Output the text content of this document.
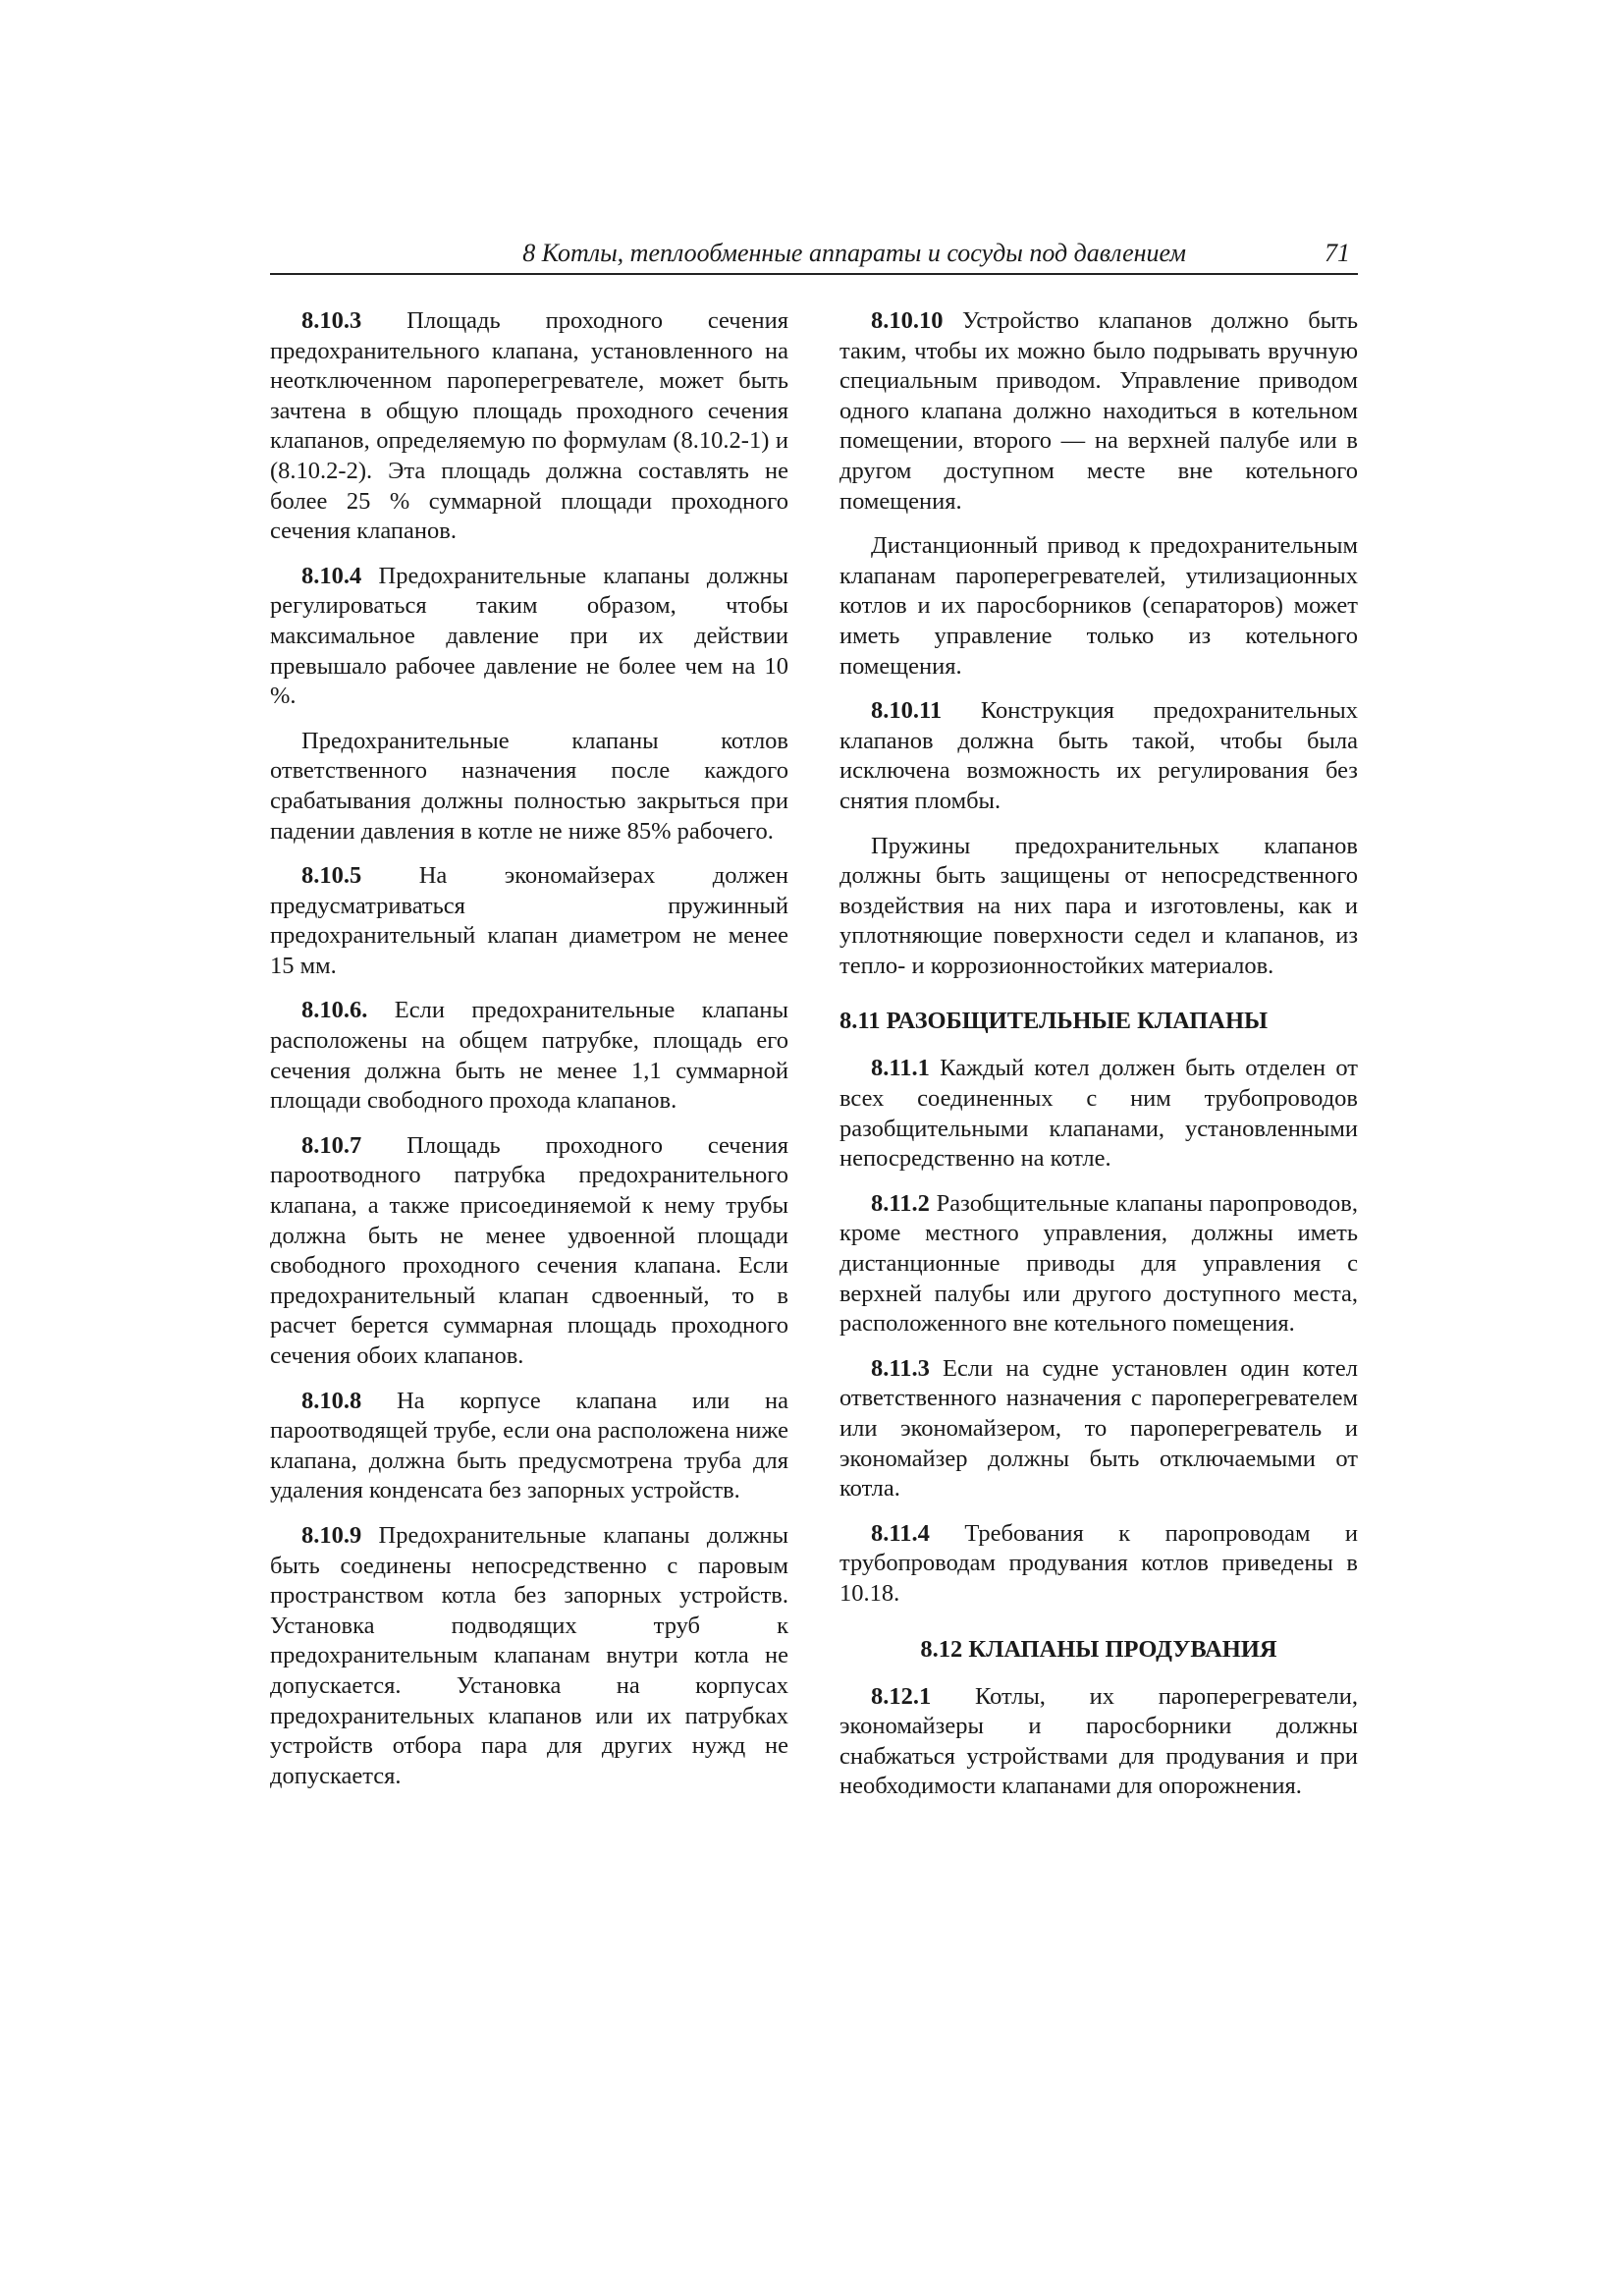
8 Котлы, теплообменные аппараты и сосуды под давлением	71

8.10.3 Площадь проходного сечения предохранительного клапана, установленного на неотключенном пароперегревателе, может быть зачтена в общую площадь проходного сечения клапанов, определяемую по формулам (8.10.2-1) и (8.10.2-2). Эта площадь должна составлять не более 25 % суммарной площади проходного сечения клапанов.

8.10.4 Предохранительные клапаны должны регулироваться таким образом, чтобы максимальное давление при их действии превышало рабочее давление не более чем на 10 %.

Предохранительные клапаны котлов ответственного назначения после каждого срабатывания должны полностью закрыться при падении давления в котле не ниже 85% рабочего.

8.10.5 На экономайзерах должен предусматриваться пружинный предохранительный клапан диаметром не менее 15 мм.

8.10.6. Если предохранительные клапаны расположены на общем патрубке, площадь его сечения должна быть не менее 1,1 суммарной площади свободного прохода клапанов.

8.10.7 Площадь проходного сечения пароотводного патрубка предохранительного клапана, а также присоединяемой к нему трубы должна быть не менее удвоенной площади свободного проходного сечения клапана. Если предохранительный клапан сдвоенный, то в расчет берется суммарная площадь проходного сечения обоих клапанов.

8.10.8 На корпусе клапана или на пароотводящей трубе, если она расположена ниже клапана, должна быть предусмотрена труба для удаления конденсата без запорных устройств.

8.10.9 Предохранительные клапаны должны быть соединены непосредственно с паровым пространством котла без запорных устройств. Установка подводящих труб к предохранительным клапанам внутри котла не допускается. Установка на корпусах предохранительных клапанов или их патрубках устройств отбора пара для других нужд не допускается.

8.10.10 Устройство клапанов должно быть таким, чтобы их можно было подрывать вручную специальным приводом. Управление приводом одного клапана должно находиться в котельном помещении, второго — на верхней палубе или в другом доступном месте вне котельного помещения.

Дистанционный привод к предохранительным клапанам пароперегревателей, утилизационных котлов и их паросборников (сепараторов) может иметь управление только из котельного помещения.

8.10.11 Конструкция предохранительных клапанов должна быть такой, чтобы была исключена возможность их регулирования без снятия пломбы.

Пружины предохранительных клапанов должны быть защищены от непосредственного воздействия на них пара и изготовлены, как и уплотняющие поверхности седел и клапанов, из тепло- и коррозионностойких материалов.

8.11 РАЗОБЩИТЕЛЬНЫЕ КЛАПАНЫ

8.11.1 Каждый котел должен быть отделен от всех соединенных с ним трубопроводов разобщительными клапанами, установленными непосредственно на котле.

8.11.2 Разобщительные клапаны паропроводов, кроме местного управления, должны иметь дистанционные приводы для управления с верхней палубы или другого доступного места, расположенного вне котельного помещения.

8.11.3 Если на судне установлен один котел ответственного назначения с пароперегревателем или экономайзером, то пароперегреватель и экономайзер должны быть отключаемыми от котла.

8.11.4 Требования к паропроводам и трубопроводам продувания котлов приведены в 10.18.

8.12 КЛАПАНЫ ПРОДУВАНИЯ

8.12.1 Котлы, их пароперегреватели, экономайзеры и паросборники должны снабжаться устройствами для продувания и при необходимости клапанами для опорожнения.
